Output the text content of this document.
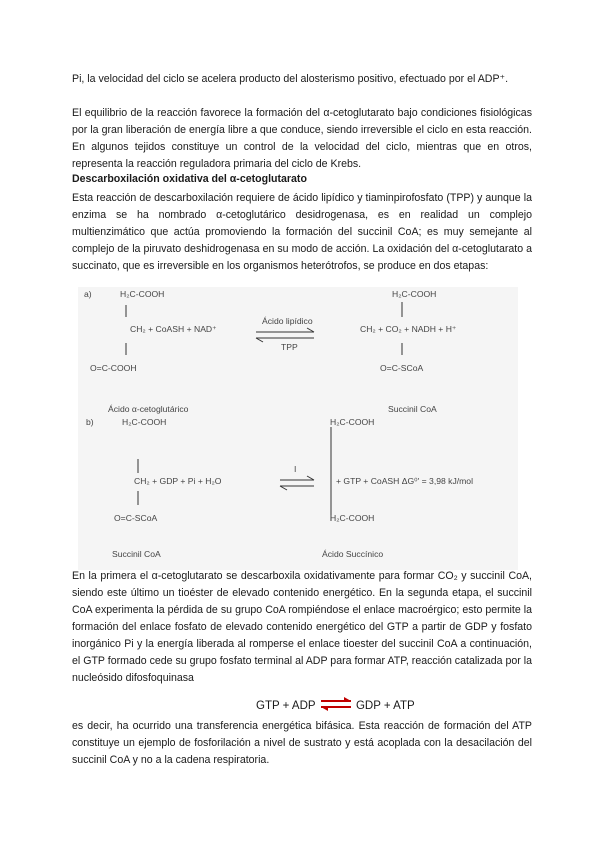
Pi, la velocidad del ciclo se acelera producto del alosterismo positivo, efectuado por el ADP⁺.

El equilibrio de la reacción favorece la formación del α-cetoglutarato bajo condiciones fisiológicas por la gran liberación de energía libre a que conduce, siendo irreversible el ciclo en esta reacción. En algunos tejidos constituye un control de la velocidad del ciclo, mientras que en otros, representa la reacción reguladora primaria del ciclo de Krebs.

Descarboxilación oxidativa del α-cetoglutarato

Esta reacción de descarboxilación requiere de ácido lipídico y tiaminpirofosfato (TPP) y aunque la enzima se ha nombrado α-cetoglutárico desidrogenasa, es en realidad un complejo multienzimático que actúa promoviendo la formación del succinil CoA; es muy semejante al complejo de la piruvato deshidrogenasa en su modo de acción. La oxidación del α-cetoglutarato a succinato, que es irreversible en los organismos heterótrofos, se produce en dos etapas:

a)	H₂C-COOH
CH₂ + CoASH + NAD⁺
O=C-COOH
Ácido α-cetoglutárico
Ácido lipídico
TPP
H₂C-COOH
CH₂ + CO₂ + NADH + H⁺
O=C-SCoA
Succinil CoA
b)	H₂C-COOH
CH₂ + GDP + Pi + H₂O
O=C-SCoA
Succinil CoA
I
H₂C-COOH
+ GTP + CoASH ΔG⁰' = 3,98 kJ/mol
H₂C-COOH
Ácido Succínico

En la primera el α-cetoglutarato se descarboxila oxidativamente para formar CO₂ y succinil CoA, siendo este último un tioéster de elevado contenido energético. En la segunda etapa, el succinil CoA experimenta la pérdida de su grupo CoA rompiéndose el enlace macroérgico; esto permite la formación del enlace fosfato de elevado contenido energético del GTP a partir de GDP y fosfato inorgánico Pi y la energía liberada al romperse el enlace tioester del succinil CoA a continuación, el GTP formado cede su grupo fosfato terminal al ADP para formar ATP, reacción catalizada por la nucleósido difosfoquinasa

GTP + ADP ⇌ GDP + ATP

es decir, ha ocurrido una transferencia energética bifásica. Esta reacción de formación del ATP constituye un ejemplo de fosforilación a nivel de sustrato y está acoplada con la desacilación del succinil CoA y no a la cadena respiratoria.
